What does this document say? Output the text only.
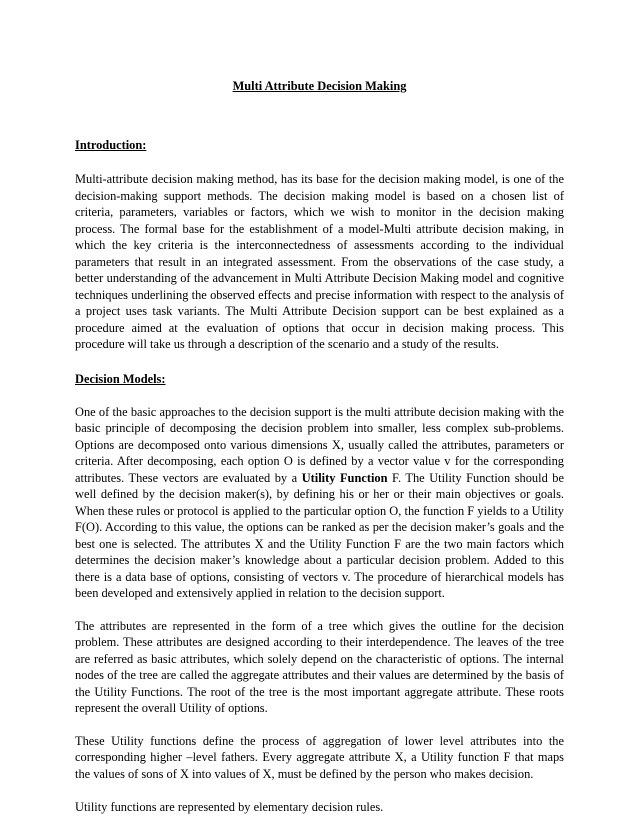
Multi Attribute Decision Making
Introduction:

Multi-attribute decision making method, has its base for the decision making model, is one of the decision-making support methods. The decision making model is based on a chosen list of criteria, parameters, variables or factors, which we wish to monitor in the decision making process. The formal base for the establishment of a model-Multi attribute decision making, in which the key criteria is the interconnectedness of assessments according to the individual parameters that result in an integrated assessment. From the observations of the case study, a better understanding of the advancement in Multi Attribute Decision Making model and cognitive techniques underlining the observed effects and precise information with respect to the analysis of a project uses task variants. The Multi Attribute Decision support can be best explained as a procedure aimed at the evaluation of options that occur in decision making process. This procedure will take us through a description of the scenario and a study of the results.

Decision Models:

One of the basic approaches to the decision support is the multi attribute decision making with the basic principle of decomposing the decision problem into smaller, less complex sub-problems. Options are decomposed onto various dimensions X, usually called the attributes, parameters or criteria. After decomposing, each option O is defined by a vector value v for the corresponding attributes. These vectors are evaluated by a Utility Function F. The Utility Function should be well defined by the decision maker(s), by defining his or her or their main objectives or goals. When these rules or protocol is applied to the particular option O, the function F yields to a Utility F(O). According to this value, the options can be ranked as per the decision maker’s goals and the best one is selected. The attributes X and the Utility Function F are the two main factors which determines the decision maker’s knowledge about a particular decision problem. Added to this there is a data base of options, consisting of vectors v. The procedure of hierarchical models has been developed and extensively applied in relation to the decision support.

The attributes are represented in the form of a tree which gives the outline for the decision problem. These attributes are designed according to their interdependence. The leaves of the tree are referred as basic attributes, which solely depend on the characteristic of options. The internal nodes of the tree are called the aggregate attributes and their values are determined by the basis of the Utility Functions. The root of the tree is the most important aggregate attribute. These roots represent the overall Utility of options.

These Utility functions define the process of aggregation of lower level attributes into the corresponding higher –level fathers. Every aggregate attribute X, a Utility function F that maps the values of sons of X into values of X, must be defined by the person who makes decision.

Utility functions are represented by elementary decision rules.
